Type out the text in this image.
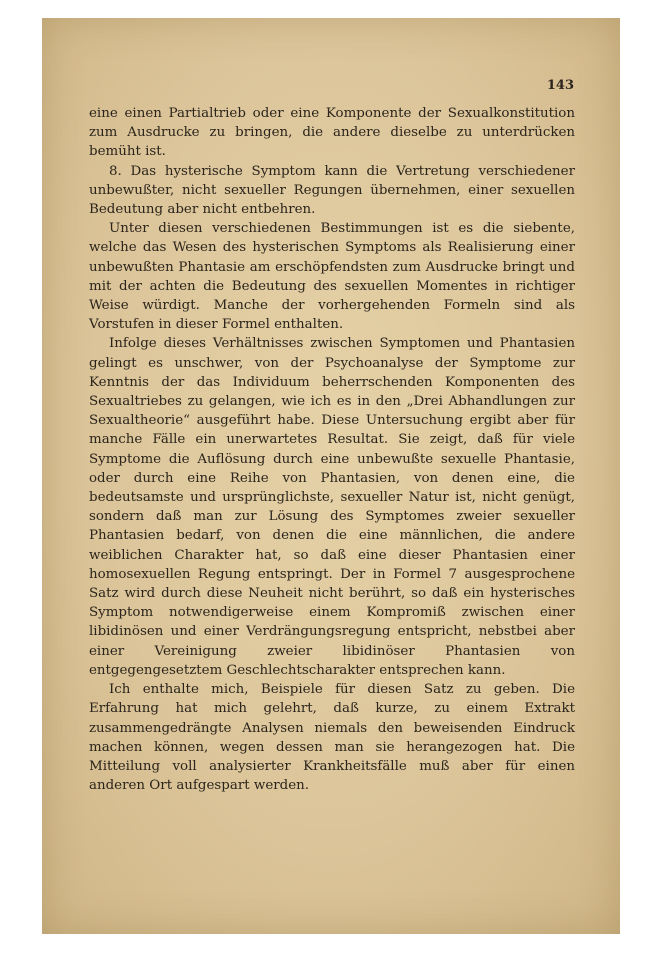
143

eine einen Partialtrieb oder eine Komponente der Sexualkonstitution zum Ausdrucke zu bringen, die andere dieselbe zu unterdrücken bemüht ist.

8. Das hysterische Symptom kann die Vertretung verschiedener unbewußter, nicht sexueller Regungen übernehmen, einer sexuellen Bedeutung aber nicht entbehren.

Unter diesen verschiedenen Bestimmungen ist es die siebente, welche das Wesen des hysterischen Symptoms als Realisierung einer unbewußten Phantasie am erschöpfendsten zum Ausdrucke bringt und mit der achten die Bedeutung des sexuellen Momentes in richtiger Weise würdigt. Manche der vorhergehenden Formeln sind als Vorstufen in dieser Formel enthalten.

Infolge dieses Verhältnisses zwischen Symptomen und Phantasien gelingt es unschwer, von der Psychoanalyse der Symptome zur Kenntnis der das Individuum beherrschenden Komponenten des Sexualtriebes zu gelangen, wie ich es in den „Drei Abhandlungen zur Sexualtheorie“ ausgeführt habe. Diese Untersuchung ergibt aber für manche Fälle ein unerwartetes Resultat. Sie zeigt, daß für viele Symptome die Auflösung durch eine unbewußte sexuelle Phantasie, oder durch eine Reihe von Phantasien, von denen eine, die bedeutsamste und ursprünglichste, sexueller Natur ist, nicht genügt, sondern daß man zur Lösung des Symptomes zweier sexueller Phantasien bedarf, von denen die eine männlichen, die andere weiblichen Charakter hat, so daß eine dieser Phantasien einer homosexuellen Regung entspringt. Der in Formel 7 ausgesprochene Satz wird durch diese Neuheit nicht berührt, so daß ein hysterisches Symptom notwendigerweise einem Kompromiß zwischen einer libidinösen und einer Verdrängungsregung entspricht, nebstbei aber einer Vereinigung zweier libidinöser Phantasien von entgegengesetztem Geschlechtscharakter entsprechen kann.

Ich enthalte mich, Beispiele für diesen Satz zu geben. Die Erfahrung hat mich gelehrt, daß kurze, zu einem Extrakt zusammengedrängte Analysen niemals den beweisenden Eindruck machen können, wegen dessen man sie herangezogen hat. Die Mitteilung voll analysierter Krankheitsfälle muß aber für einen anderen Ort aufgespart werden.
